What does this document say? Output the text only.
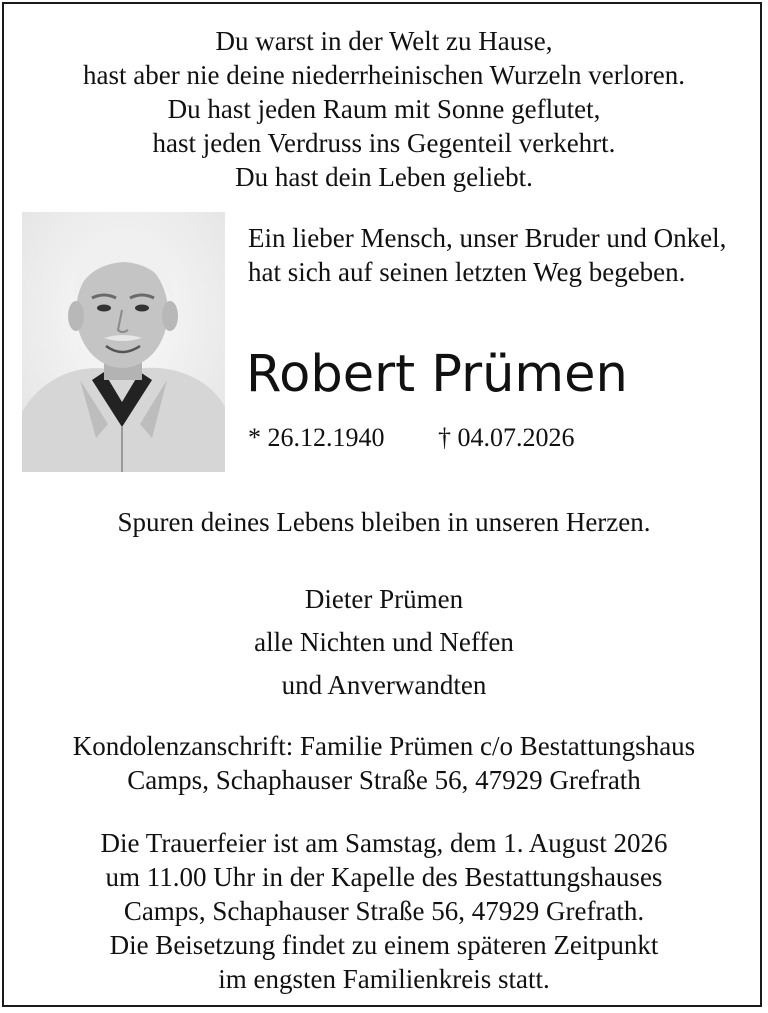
Du warst in der Welt zu Hause,
hast aber nie deine niederrheinischen Wurzeln verloren.
Du hast jeden Raum mit Sonne geflutet,
hast jeden Verdruss ins Gegenteil verkehrt.
Du hast dein Leben geliebt.
Ein lieber Mensch, unser Bruder und Onkel,
hat sich auf seinen letzten Weg begeben.
Robert Prümen
* 26.12.1940 † 04.07.2026
Spuren deines Lebens bleiben in unseren Herzen.
Dieter Prümen
alle Nichten und Neffen
und Anverwandten
Kondolenzanschrift: Familie Prümen c/o Bestattungshaus
Camps, Schaphauser Straße 56, 47929 Grefrath
Die Trauerfeier ist am Samstag, dem 1. August 2026
um 11.00 Uhr in der Kapelle des Bestattungshauses
Camps, Schaphauser Straße 56, 47929 Grefrath.
Die Beisetzung findet zu einem späteren Zeitpunkt
im engsten Familienkreis statt.
